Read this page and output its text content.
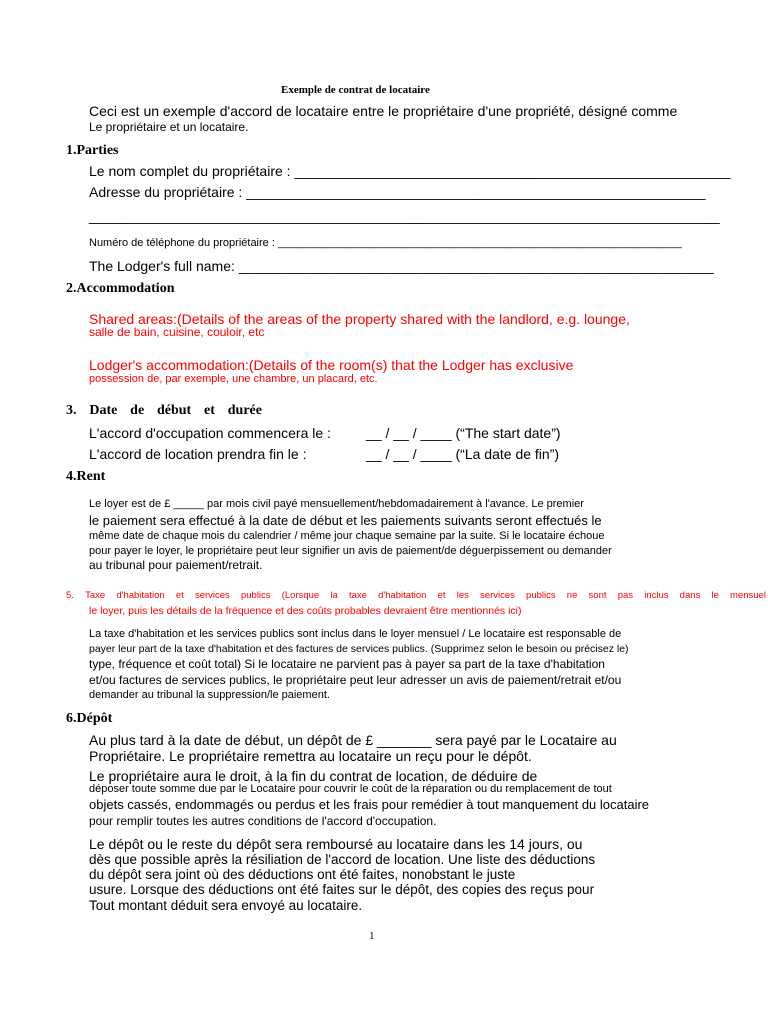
Exemple de contrat de locataire
Ceci est un exemple d'accord de locataire entre le propriétaire d'une propriété, désigné comme
Le propriétaire et un locataire.
1.Parties
Le nom complet du propriétaire : ________________________________________________________
Adresse du propriétaire : ___________________________________________________________
_________________________________________________________________________________
Numéro de téléphone du propriétaire : __________________________________________________________________
The Lodger's full name: _____________________________________________________________
2.Accommodation
Shared areas:(Details of the areas of the property shared with the landlord, e.g. lounge,
salle de bain, cuisine, couloir, etc
Lodger's accommodation:(Details of the room(s) that the Lodger has exclusive
possession de, par exemple, une chambre, un placard, etc.
3. Date de début et durée
L'accord d'occupation commencera le :	__ / __ / ____ (“The start date”)
L'accord de location prendra fin le :	__ / __ / ____ (“La date de fin”)
4.Rent
Le loyer est de £ _____ par mois civil payé mensuellement/hebdomadairement à l'avance. Le premier
le paiement sera effectué à la date de début et les paiements suivants seront effectués le
même date de chaque mois du calendrier / même jour chaque semaine par la suite. Si le locataire échoue
pour payer le loyer, le propriétaire peut leur signifier un avis de paiement/de déguerpissement ou demander
au tribunal pour paiement/retrait.
5. Taxe d'habitation et services publics (Lorsque la taxe d'habitation et les services publics ne sont pas inclus dans le mensuel
le loyer, puis les détails de la fréquence et des coûts probables devraient être mentionnés ici)
La taxe d'habitation et les services publics sont inclus dans le loyer mensuel / Le locataire est responsable de
payer leur part de la taxe d'habitation et des factures de services publics. (Supprimez selon le besoin ou précisez le)
type, fréquence et coût total) Si le locataire ne parvient pas à payer sa part de la taxe d'habitation
et/ou factures de services publics, le propriétaire peut leur adresser un avis de paiement/retrait et/ou
demander au tribunal la suppression/le paiement.
6.Dépôt
Au plus tard à la date de début, un dépôt de £ _______ sera payé par le Locataire au
Propriétaire. Le propriétaire remettra au locataire un reçu pour le dépôt.
Le propriétaire aura le droit, à la fin du contrat de location, de déduire de
déposer toute somme due par le Locataire pour couvrir le coût de la réparation ou du remplacement de tout
objets cassés, endommagés ou perdus et les frais pour remédier à tout manquement du locataire
pour remplir toutes les autres conditions de l'accord d'occupation.
Le dépôt ou le reste du dépôt sera remboursé au locataire dans les 14 jours, ou
dès que possible après la résiliation de l'accord de location. Une liste des déductions
du dépôt sera joint où des déductions ont été faites, nonobstant le juste
usure. Lorsque des déductions ont été faites sur le dépôt, des copies des reçus pour
Tout montant déduit sera envoyé au locataire.
1
